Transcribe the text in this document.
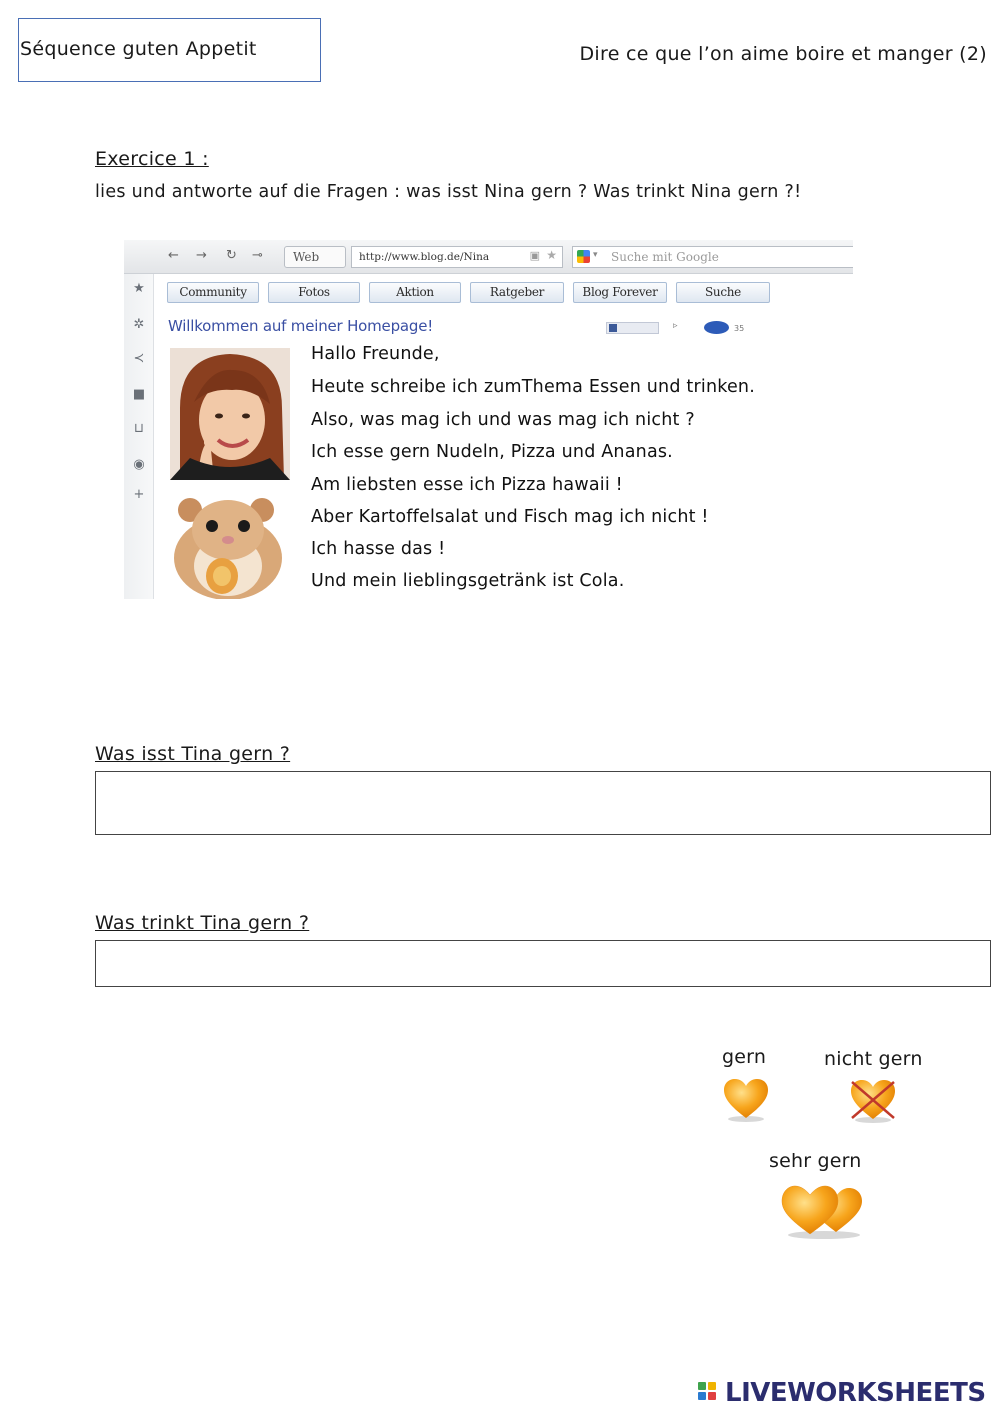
Séquence guten Appetit	Dire ce que l’on aime boire et manger (2)
Exercice 1 :
lies und antworte auf die Fragen : was isst Nina gern ? Was trinkt Nina gern ?!
← → ↻ ⊸	Web	http://www.blog.de/Nina	▣ ★	▾ Suche mit Google
★
✲
≺
■
⊔
◉
+
Community	Fotos	Aktion	Ratgeber	Blog Forever	Suche
Willkommen auf meiner Homepage!	▹	35
Hallo Freunde,
Heute schreibe ich zumThema Essen und trinken.
Also, was mag ich und was mag ich nicht ?
Ich esse gern Nudeln, Pizza und Ananas.
Am liebsten esse ich Pizza hawaii !
Aber Kartoffelsalat und Fisch mag ich nicht !
Ich hasse das !
Und mein lieblingsgetränk ist Cola.
Was isst Tina gern ?
Was trinkt Tina gern ?
gern	nicht gern
sehr gern
LIVEWORKSHEETS
